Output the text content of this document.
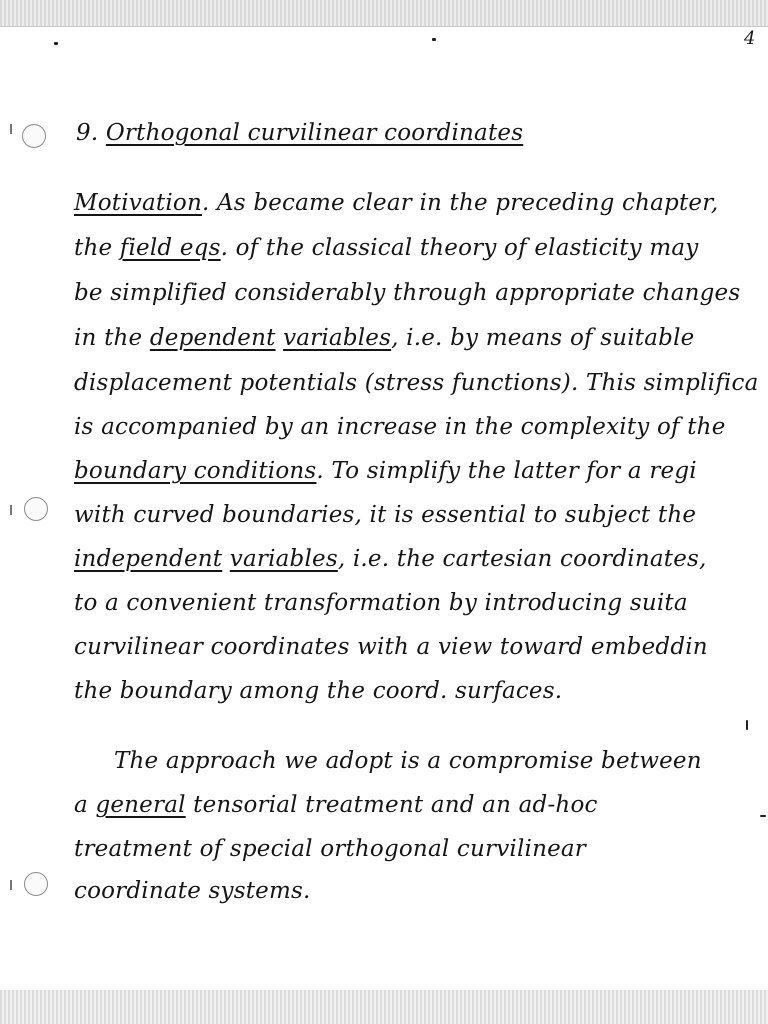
4
9. Orthogonal curvilinear coordinates
Motivation. As became clear in the preceding chapter,
the field eqs. of the classical theory of elasticity may
be simplified considerably through appropriate changes
in the dependent variables, i.e. by means of suitable
displacement potentials (stress functions). This simplifica
is accompanied by an increase in the complexity of the
boundary conditions. To simplify the latter for a regi
with curved boundaries, it is essential to subject the
independent variables, i.e. the cartesian coordinates,
to a convenient transformation by introducing suita
curvilinear coordinates with a view toward embeddin
the boundary among the coord. surfaces.
The approach we adopt is a compromise between
a general tensorial treatment and an ad-hoc
treatment of special orthogonal curvilinear
coordinate systems.
